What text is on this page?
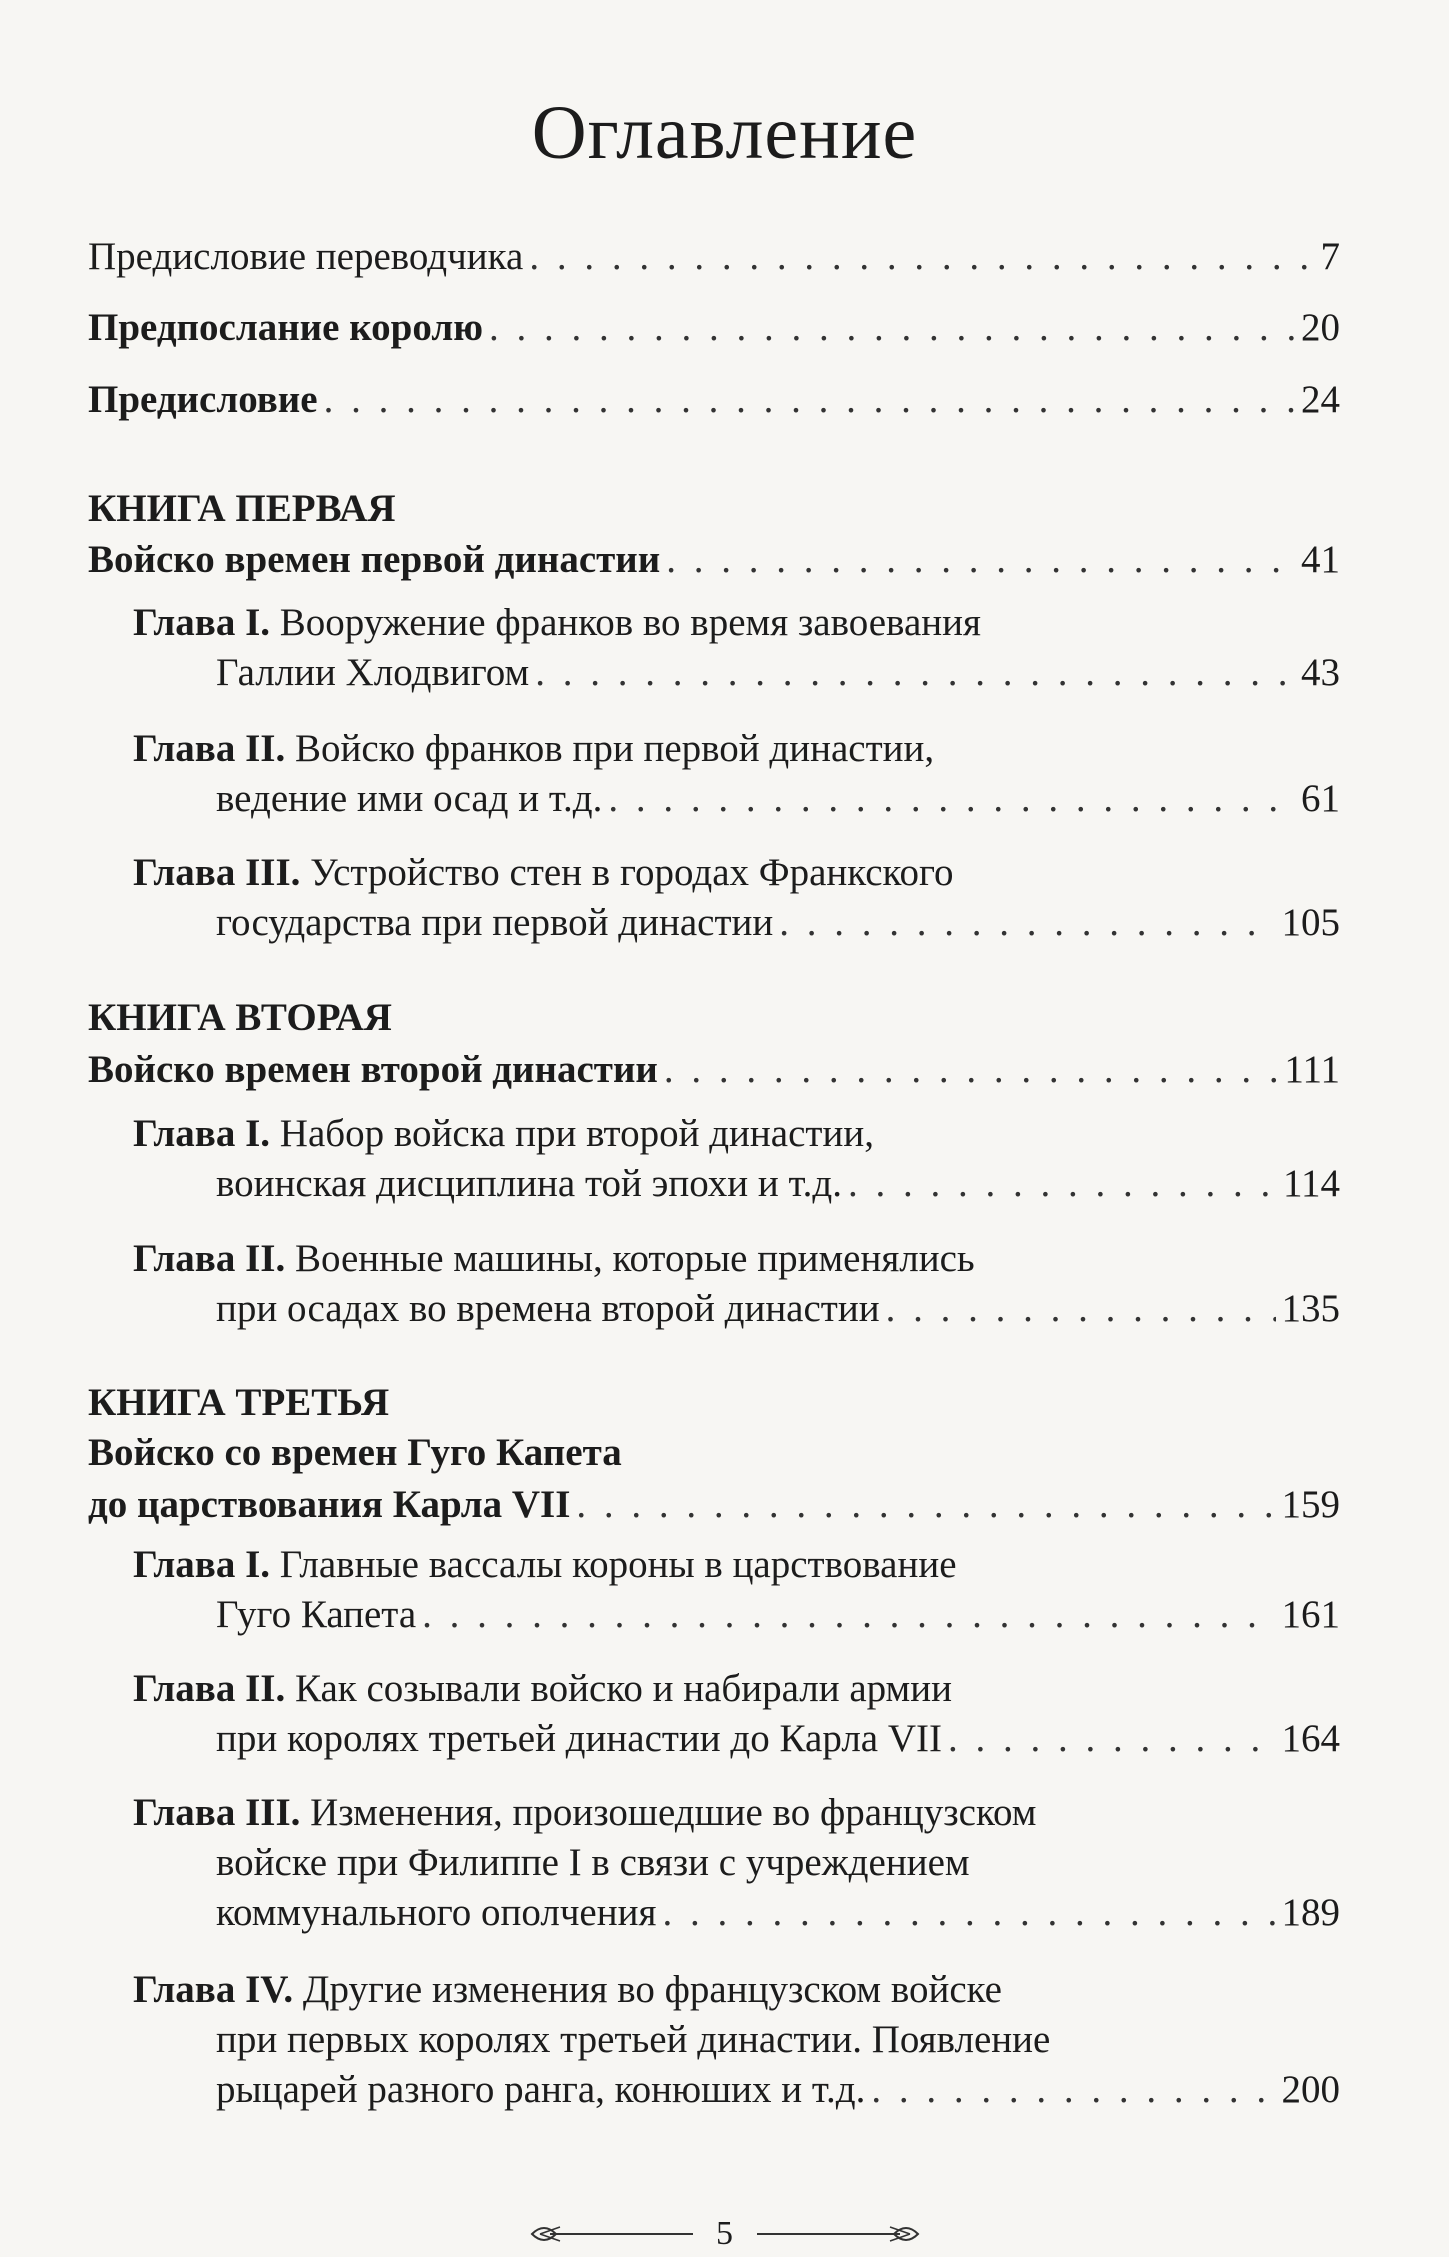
Оглавление
Предисловие переводчика . . .	7
Предпослание королю . . .	20
Предисловие . . .	24
КНИГА ПЕРВАЯ
Войско времен первой династии . . .	41
Глава I. Вооружение франков во время завоевания
Галлии Хлодвигом . . .	43
Глава II. Войско франков при первой династии,
ведение ими осад и т.д. . . .	61
Глава III. Устройство стен в городах Франкского
государства при первой династии . . .	105
КНИГА ВТОРАЯ
Войско времен второй династии . . .	111
Глава I. Набор войска при второй династии,
воинская дисциплина той эпохи и т.д. . . .	114
Глава II. Военные машины, которые применялись
при осадах во времена второй династии . . .	135
КНИГА ТРЕТЬЯ
Войско со времен Гуго Капета
до царствования Карла VII . . .	159
Глава I. Главные вассалы короны в царствование
Гуго Капета . . .	161
Глава II. Как созывали войско и набирали армии
при королях третьей династии до Карла VII . . .	164
Глава III. Изменения, произошедшие во французском
войске при Филиппе I в связи с учреждением
коммунального ополчения . . .	189
Глава IV. Другие изменения во французском войске
при первых королях третьей династии. Появление
рыцарей разного ранга, конюших и т.д. . . .	200
5
